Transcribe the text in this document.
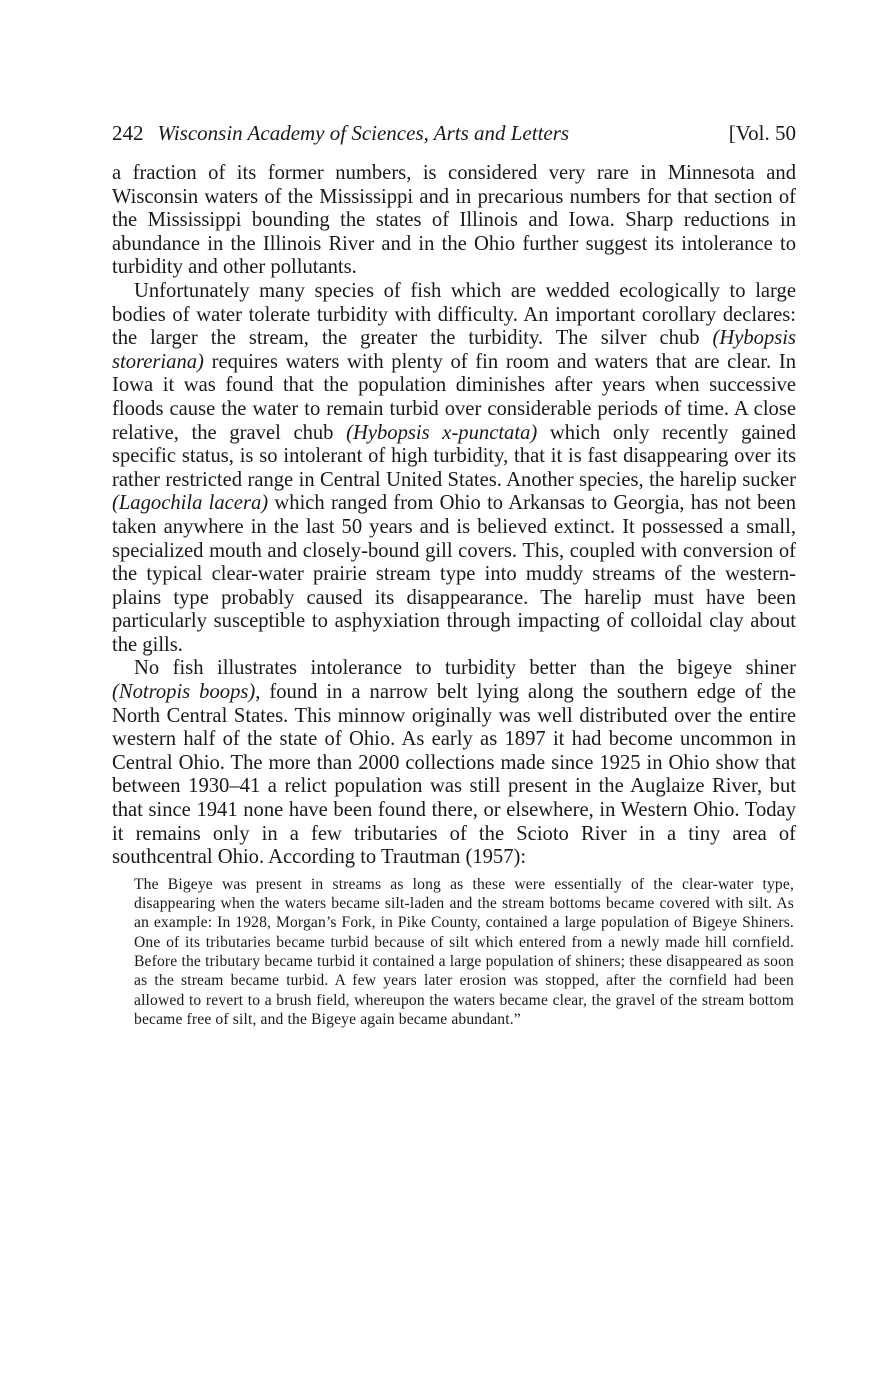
242 Wisconsin Academy of Sciences, Arts and Letters	[Vol. 50

a fraction of its former numbers, is considered very rare in Minnesota and Wisconsin waters of the Mississippi and in precarious numbers for that section of the Mississippi bounding the states of Illinois and Iowa. Sharp reductions in abundance in the Illinois River and in the Ohio further suggest its intolerance to turbidity and other pollutants.

Unfortunately many species of fish which are wedded ecologically to large bodies of water tolerate turbidity with difficulty. An important corollary declares: the larger the stream, the greater the turbidity. The silver chub (Hybopsis storeriana) requires waters with plenty of fin room and waters that are clear. In Iowa it was found that the population diminishes after years when successive floods cause the water to remain turbid over considerable periods of time. A close relative, the gravel chub (Hybopsis x-punctata) which only recently gained specific status, is so intolerant of high turbidity, that it is fast disappearing over its rather restricted range in Central United States. Another species, the harelip sucker (Lagochila lacera) which ranged from Ohio to Arkansas to Georgia, has not been taken anywhere in the last 50 years and is believed extinct. It possessed a small, specialized mouth and closely-bound gill covers. This, coupled with conversion of the typical clear-water prairie stream type into muddy streams of the western-plains type probably caused its disappearance. The harelip must have been particularly susceptible to asphyxiation through impacting of colloidal clay about the gills.

No fish illustrates intolerance to turbidity better than the bigeye shiner (Notropis boops), found in a narrow belt lying along the southern edge of the North Central States. This minnow originally was well distributed over the entire western half of the state of Ohio. As early as 1897 it had become uncommon in Central Ohio. The more than 2000 collections made since 1925 in Ohio show that between 1930–41 a relict population was still present in the Auglaize River, but that since 1941 none have been found there, or elsewhere, in Western Ohio. Today it remains only in a few tributaries of the Scioto River in a tiny area of southcentral Ohio. According to Trautman (1957):

The Bigeye was present in streams as long as these were essentially of the clear-water type, disappearing when the waters became silt-laden and the stream bottoms became covered with silt. As an example: In 1928, Morgan’s Fork, in Pike County, contained a large population of Bigeye Shiners. One of its tributaries became turbid because of silt which entered from a newly made hill cornfield. Before the tributary became turbid it contained a large population of shiners; these disappeared as soon as the stream became turbid. A few years later erosion was stopped, after the cornfield had been allowed to revert to a brush field, whereupon the waters became clear, the gravel of the stream bottom became free of silt, and the Bigeye again became abundant.”
